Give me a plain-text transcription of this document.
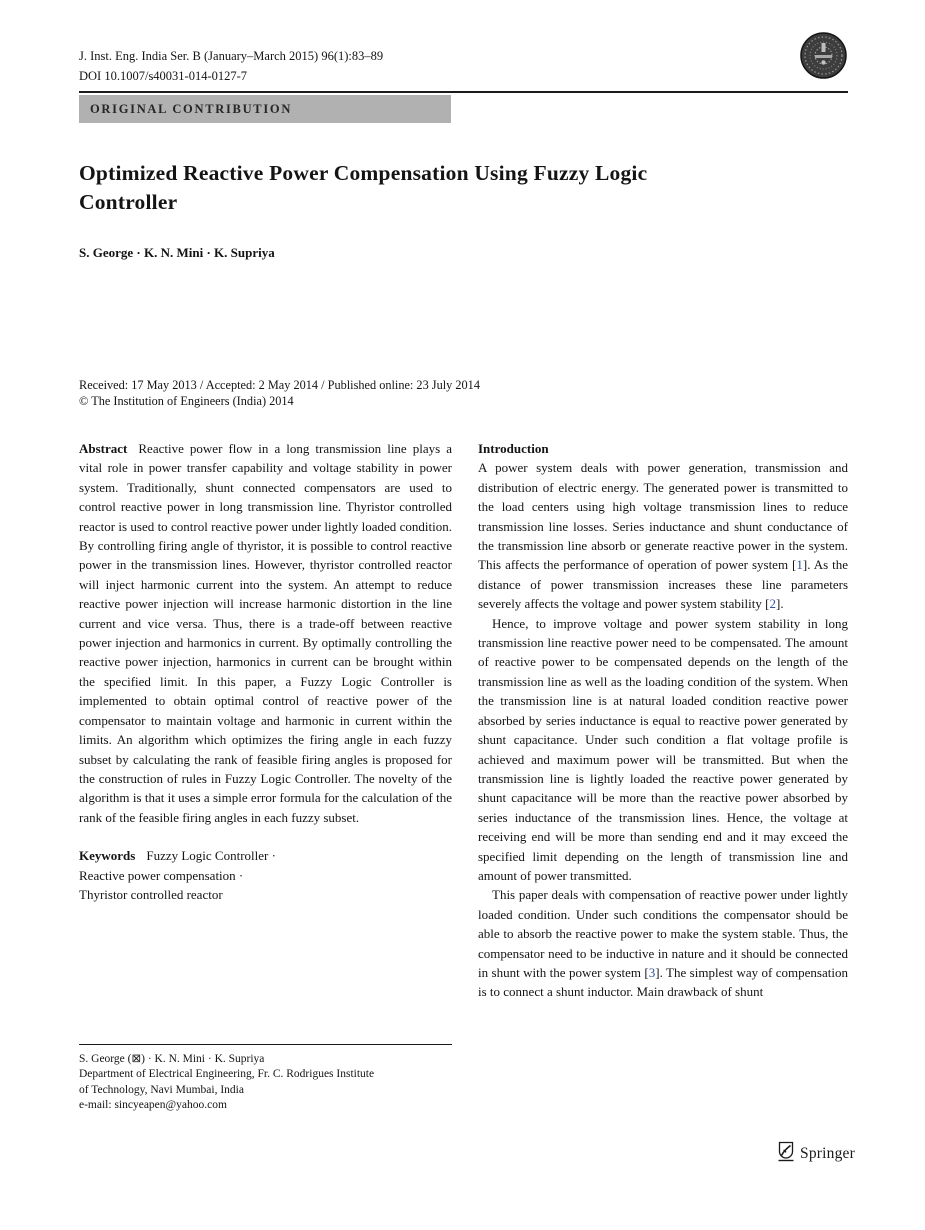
J. Inst. Eng. India Ser. B (January–March 2015) 96(1):83–89
DOI 10.1007/s40031-014-0127-7
ORIGINAL CONTRIBUTION
Optimized Reactive Power Compensation Using Fuzzy Logic
Controller
S. George · K. N. Mini · K. Supriya
Received: 17 May 2013 / Accepted: 2 May 2014 / Published online: 23 July 2014
© The Institution of Engineers (India) 2014

Abstract Reactive power flow in a long transmission line plays a vital role in power transfer capability and voltage stability in power system. Traditionally, shunt connected compensators are used to control reactive power in long transmission line. Thyristor controlled reactor is used to control reactive power under lightly loaded condition. By controlling firing angle of thyristor, it is possible to control reactive power in the transmission lines. However, thyristor controlled reactor will inject harmonic current into the system. An attempt to reduce reactive power injection will increase harmonic distortion in the line current and vice versa. Thus, there is a trade-off between reactive power injection and harmonics in current. By optimally controlling the reactive power injection, harmonics in current can be brought within the specified limit. In this paper, a Fuzzy Logic Controller is implemented to obtain optimal control of reactive power of the compensator to maintain voltage and harmonic in current within the limits. An algorithm which optimizes the firing angle in each fuzzy subset by calculating the rank of feasible firing angles is proposed for the construction of rules in Fuzzy Logic Controller. The novelty of the algorithm is that it uses a simple error formula for the calculation of the rank of the feasible firing angles in each fuzzy subset.

Keywords Fuzzy Logic Controller ·
Reactive power compensation ·
Thyristor controlled reactor

Introduction

A power system deals with power generation, transmission and distribution of electric energy. The generated power is transmitted to the load centers using high voltage transmission lines to reduce transmission line losses. Series inductance and shunt conductance of the transmission line absorb or generate reactive power in the system. This affects the performance of operation of power system [1]. As the distance of power transmission increases these line parameters severely affects the voltage and power system stability [2].

Hence, to improve voltage and power system stability in long transmission line reactive power need to be compensated. The amount of reactive power to be compensated depends on the length of the transmission line as well as the loading condition of the system. When the transmission line is at natural loaded condition reactive power absorbed by series inductance is equal to reactive power generated by shunt capacitance. Under such condition a flat voltage profile is achieved and maximum power will be transmitted. But when the transmission line is lightly loaded the reactive power generated by shunt capacitance will be more than the reactive power absorbed by series inductance of the transmission lines. Hence, the voltage at receiving end will be more than sending end and it may exceed the specified limit depending on the length of transmission line and amount of power transmitted.

This paper deals with compensation of reactive power under lightly loaded condition. Under such conditions the compensator should be able to absorb the reactive power to make the system stable. Thus, the compensator need to be inductive in nature and it should be connected in shunt with the power system [3]. The simplest way of compensation is to connect a shunt inductor. Main drawback of shunt

S. George (⊠) · K. N. Mini · K. Supriya
Department of Electrical Engineering, Fr. C. Rodrigues Institute
of Technology, Navi Mumbai, India
e-mail: sincyeapen@yahoo.com
Springer
